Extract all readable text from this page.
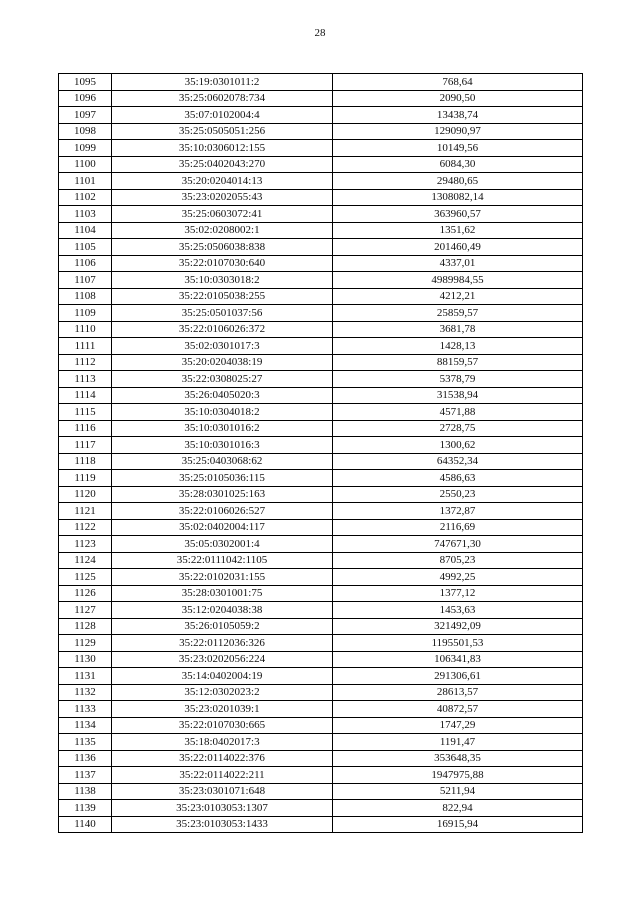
28
1095	35:19:0301011:2	768,64
1096	35:25:0602078:734	2090,50
1097	35:07:0102004:4	13438,74
1098	35:25:0505051:256	129090,97
1099	35:10:0306012:155	10149,56
1100	35:25:0402043:270	6084,30
1101	35:20:0204014:13	29480,65
1102	35:23:0202055:43	1308082,14
1103	35:25:0603072:41	363960,57
1104	35:02:0208002:1	1351,62
1105	35:25:0506038:838	201460,49
1106	35:22:0107030:640	4337,01
1107	35:10:0303018:2	4989984,55
1108	35:22:0105038:255	4212,21
1109	35:25:0501037:56	25859,57
1110	35:22:0106026:372	3681,78
1111	35:02:0301017:3	1428,13
1112	35:20:0204038:19	88159,57
1113	35:22:0308025:27	5378,79
1114	35:26:0405020:3	31538,94
1115	35:10:0304018:2	4571,88
1116	35:10:0301016:2	2728,75
1117	35:10:0301016:3	1300,62
1118	35:25:0403068:62	64352,34
1119	35:25:0105036:115	4586,63
1120	35:28:0301025:163	2550,23
1121	35:22:0106026:527	1372,87
1122	35:02:0402004:117	2116,69
1123	35:05:0302001:4	747671,30
1124	35:22:0111042:1105	8705,23
1125	35:22:0102031:155	4992,25
1126	35:28:0301001:75	1377,12
1127	35:12:0204038:38	1453,63
1128	35:26:0105059:2	321492,09
1129	35:22:0112036:326	1195501,53
1130	35:23:0202056:224	106341,83
1131	35:14:0402004:19	291306,61
1132	35:12:0302023:2	28613,57
1133	35:23:0201039:1	40872,57
1134	35:22:0107030:665	1747,29
1135	35:18:0402017:3	1191,47
1136	35:22:0114022:376	353648,35
1137	35:22:0114022:211	1947975,88
1138	35:23:0301071:648	5211,94
1139	35:23:0103053:1307	822,94
1140	35:23:0103053:1433	16915,94
